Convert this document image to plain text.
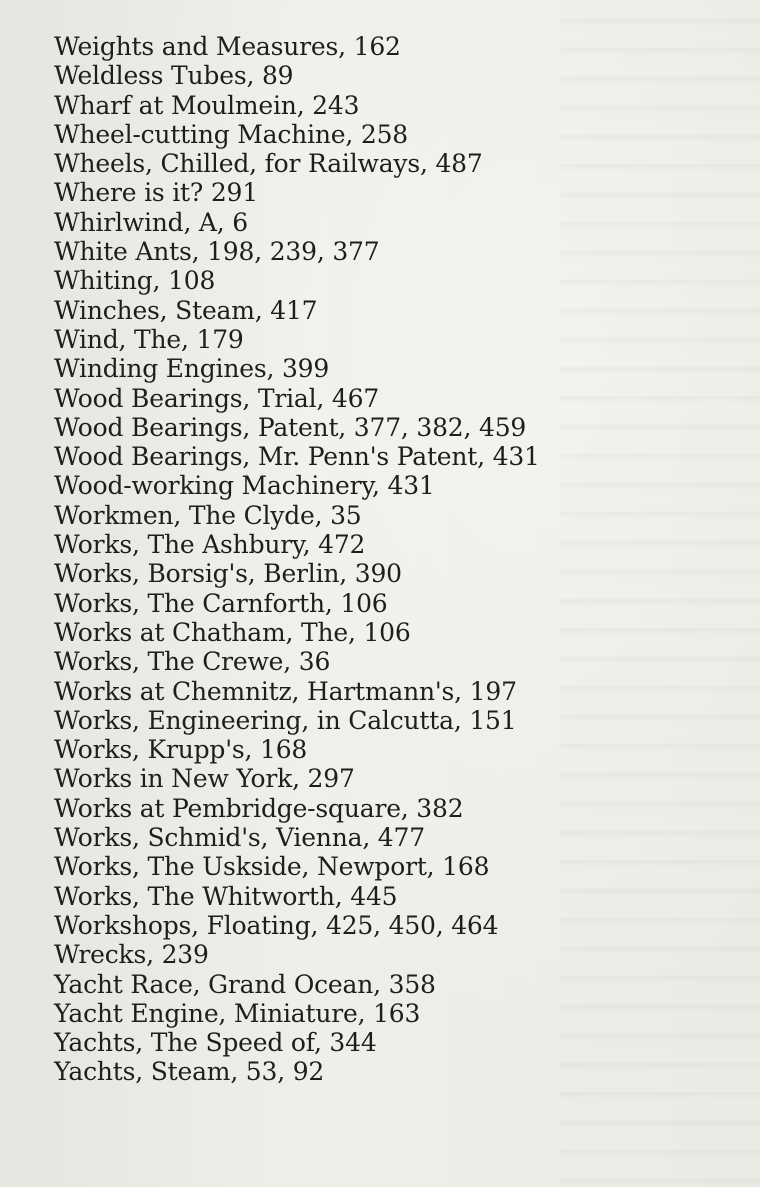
Weights and Measures, 162
Weldless Tubes, 89
Wharf at Moulmein, 243
Wheel-cutting Machine, 258
Wheels, Chilled, for Railways, 487
Where is it? 291
Whirlwind, A, 6
White Ants, 198, 239, 377
Whiting, 108
Winches, Steam, 417
Wind, The, 179
Winding Engines, 399
Wood Bearings, Trial, 467
Wood Bearings, Patent, 377, 382, 459
Wood Bearings, Mr. Penn's Patent, 431
Wood-working Machinery, 431
Workmen, The Clyde, 35
Works, The Ashbury, 472
Works, Borsig's, Berlin, 390
Works, The Carnforth, 106
Works at Chatham, The, 106
Works, The Crewe, 36
Works at Chemnitz, Hartmann's, 197
Works, Engineering, in Calcutta, 151
Works, Krupp's, 168
Works in New York, 297
Works at Pembridge-square, 382
Works, Schmid's, Vienna, 477
Works, The Uskside, Newport, 168
Works, The Whitworth, 445
Workshops, Floating, 425, 450, 464
Wrecks, 239
Yacht Race, Grand Ocean, 358
Yacht Engine, Miniature, 163
Yachts, The Speed of, 344
Yachts, Steam, 53, 92
